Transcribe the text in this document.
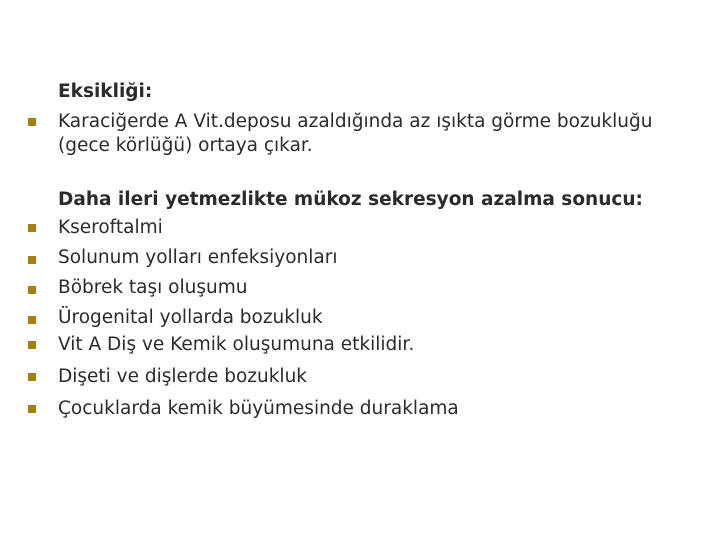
Eksikliği:
Karaciğerde A Vit.deposu azaldığında az ışıkta görme bozukluğu
(gece körlüğü) ortaya çıkar.
Daha ileri yetmezlikte mükoz sekresyon azalma sonucu:
Kseroftalmi
Solunum yolları enfeksiyonları
Böbrek taşı oluşumu
Ürogenital yollarda bozukluk
Vit A Diş ve Kemik oluşumuna etkilidir.
Dişeti ve dişlerde bozukluk
Çocuklarda kemik büyümesinde duraklama
